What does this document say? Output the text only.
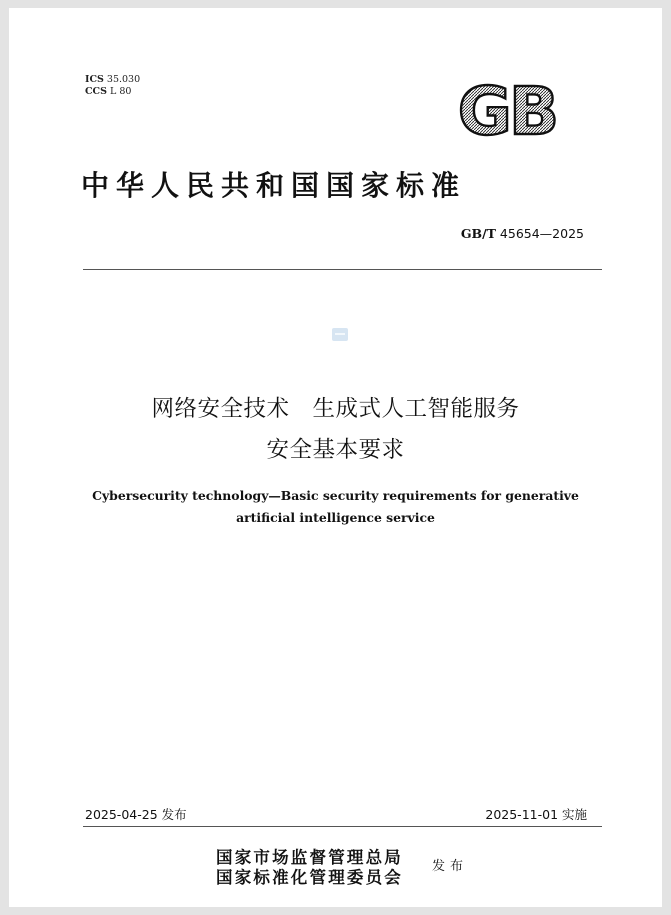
ICS 35.030
CCS L 80	GB
中华人民共和国国家标准
GB/T 45654—2025
网络安全技术　生成式人工智能服务
安全基本要求
Cybersecurity technology—Basic security requirements for generative
artificial intelligence service
2025-04-25 发布	2025-11-01 实施
国家市场监督管理总局
国家标准化管理委员会
发布
